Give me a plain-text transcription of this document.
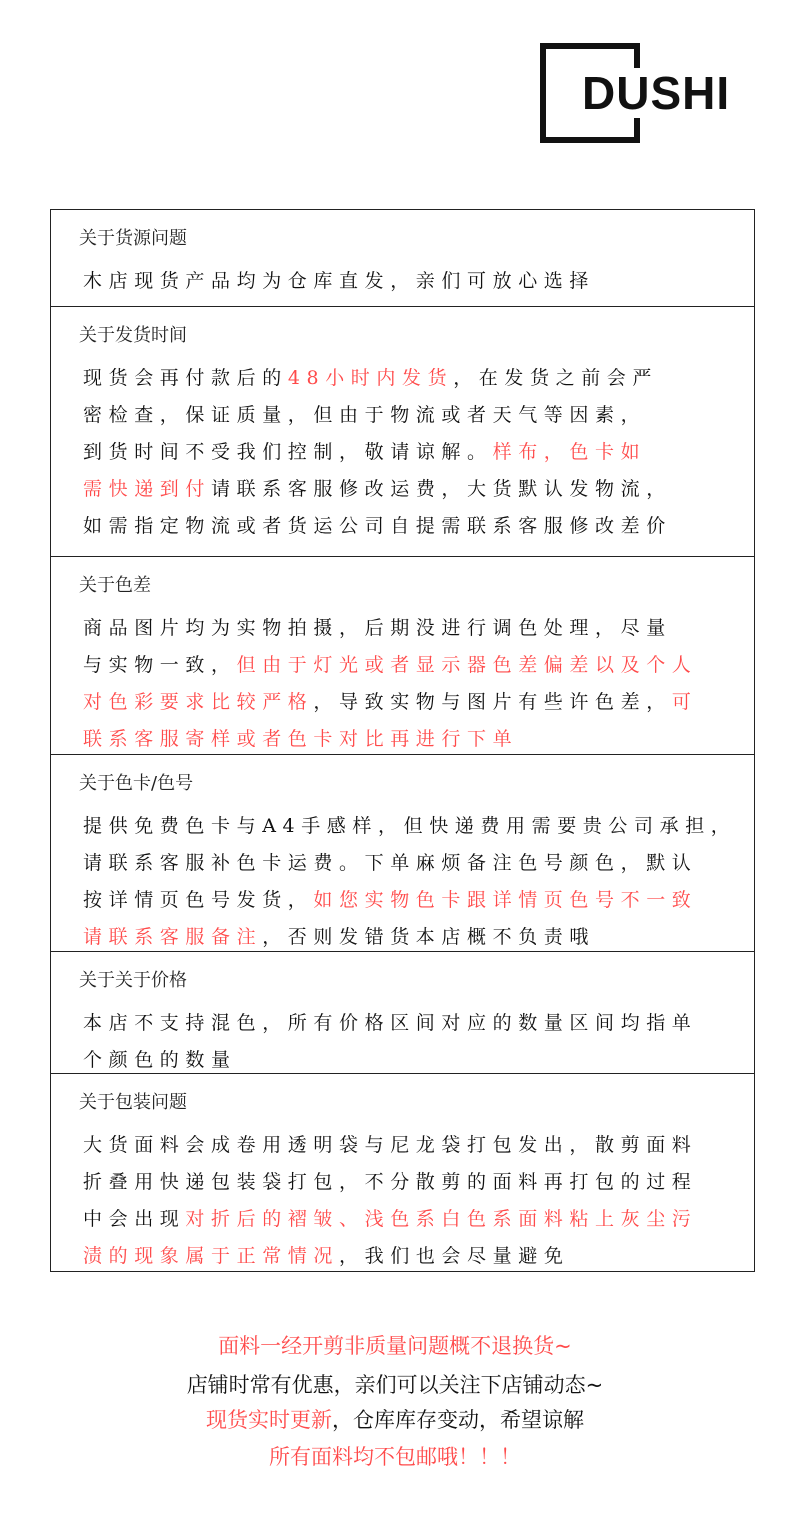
DUSHI
关于货源问题
木店现货产品均为仓库直发，亲们可放心选择
关于发货时间
现货会再付款后的48小时内发货，在发货之前会严
密检查，保证质量，但由于物流或者天气等因素，
到货时间不受我们控制，敬请谅解。样布，色卡如
需快递到付请联系客服修改运费，大货默认发物流，
如需指定物流或者货运公司自提需联系客服修改差价
关于色差
商品图片均为实物拍摄，后期没进行调色处理，尽量
与实物一致，但由于灯光或者显示器色差偏差以及个人
对色彩要求比较严格，导致实物与图片有些许色差，可
联系客服寄样或者色卡对比再进行下单
关于色卡/色号
提供免费色卡与A4手感样，但快递费用需要贵公司承担，
请联系客服补色卡运费。下单麻烦备注色号颜色，默认
按详情页色号发货，如您实物色卡跟详情页色号不一致
请联系客服备注，否则发错货本店概不负责哦
关于关于价格
本店不支持混色，所有价格区间对应的数量区间均指单
个颜色的数量
关于包装问题
大货面料会成卷用透明袋与尼龙袋打包发出，散剪面料
折叠用快递包装袋打包，不分散剪的面料再打包的过程
中会出现对折后的褶皱、浅色系白色系面料粘上灰尘污
渍的现象属于正常情况，我们也会尽量避免
面料一经开剪非质量问题概不退换货~
店铺时常有优惠，亲们可以关注下店铺动态~
现货实时更新，仓库库存变动，希望谅解
所有面料均不包邮哦！！！
